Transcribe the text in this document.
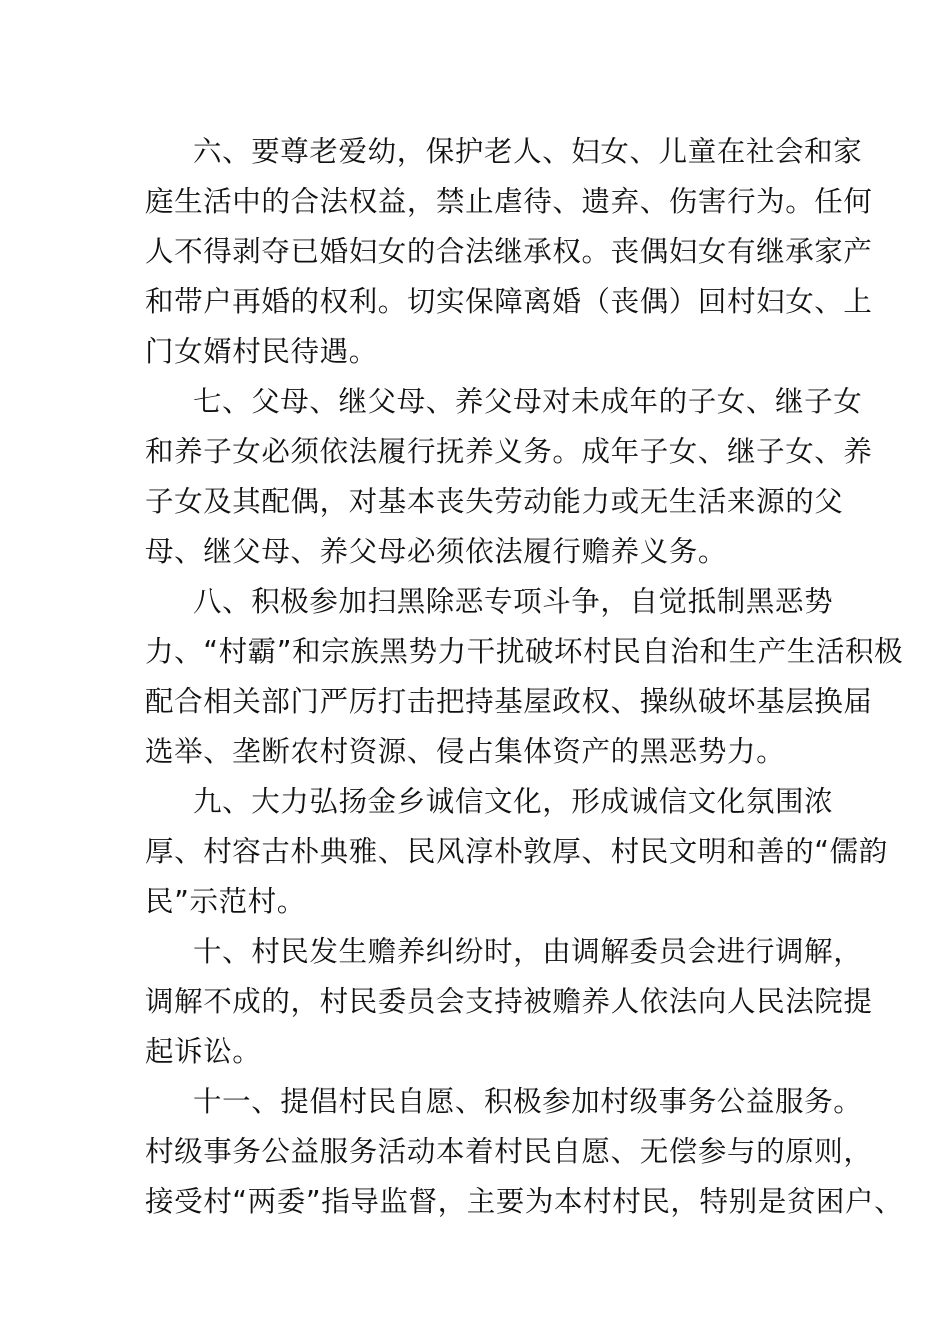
六、要尊老爱幼，保护老人、妇女、儿童在社会和家
庭生活中的合法权益，禁止虐待、遗弃、伤害行为。任何
人不得剥夺已婚妇女的合法继承权。丧偶妇女有继承家产
和带户再婚的权利。切实保障离婚（丧偶）回村妇女、上
门女婿村民待遇。
七、父母、继父母、养父母对未成年的子女、继子女
和养子女必须依法履行抚养义务。成年子女、继子女、养
子女及其配偶，对基本丧失劳动能力或无生活来源的父
母、继父母、养父母必须依法履行赡养义务。
八、积极参加扫黑除恶专项斗争，自觉抵制黑恶势
力、“村霸”和宗族黑势力干扰破坏村民自治和生产生活积极
配合相关部门严厉打击把持基屋政权、操纵破坏基层换届
选举、垄断农村资源、侵占集体资产的黑恶势力。
九、大力弘扬金乡诚信文化，形成诚信文化氛围浓
厚、村容古朴典雅、民风淳朴敦厚、村民文明和善的“儒韵
民”示范村。
十、村民发生赡养纠纷时，由调解委员会进行调解，
调解不成的，村民委员会支持被赡养人依法向人民法院提
起诉讼。
十一、提倡村民自愿、积极参加村级事务公益服务。
村级事务公益服务活动本着村民自愿、无偿参与的原则，
接受村“两委”指导监督，主要为本村村民，特别是贫困户、
